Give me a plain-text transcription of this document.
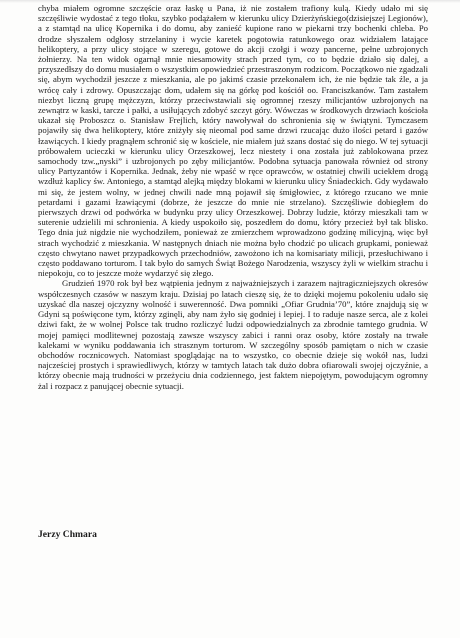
chyba miałem ogromne szczęście oraz łaskę u Pana, iż nie zostałem trafiony kulą. Kiedy udało mi się szczęśliwie wydostać z tego tłoku, szybko podążałem w kierunku ulicy Dzierżyńskiego(dzisiejszej Legionów), a z stamtąd na ulicę Kopernika i do domu, aby zanieść kupione rano w piekarni trzy bochenki chleba. Po drodze słyszałem odgłosy strzelaniny i wycie karetek pogotowia ratunkowego oraz widziałem latające helikoptery, a przy ulicy stojące w szeregu, gotowe do akcji czołgi i wozy pancerne, pełne uzbrojonych żołnierzy. Na ten widok ogarnął mnie niesamowity strach przed tym, co to będzie działo się dalej, a przyszedłszy do domu musiałem o wszystkim opowiedzieć przestraszonym rodzicom. Początkowo nie zgadzali się, abym wychodził jeszcze z mieszkania, ale po jakimś czasie przekonałem ich, że nie będzie tak źle, a ja wrócę cały i zdrowy. Opuszczając dom, udałem się na górkę pod kościół oo. Franciszkanów. Tam zastałem niezbyt liczną grupę mężczyzn, którzy przeciwstawiali się ogromnej rzeszy milicjantów uzbrojonych na zewnątrz w kaski, tarcze i pałki, a usiłujących zdobyć szczyt góry. Wówczas w środkowych drzwiach kościoła ukazał się Proboszcz o. Stanisław Frejlich, który nawoływał do schronienia się w świątyni. Tymczasem pojawiły się dwa helikoptery, które zniżyły się nieomal pod same drzwi rzucając dużo ilości petard i gazów łzawiących. I kiedy pragnąłem schronić się w kościele, nie miałem już szans dostać się do niego. W tej sytuacji próbowałem ucieczki w kierunku ulicy Orzeszkowej, lecz niestety i ona została już zablokowana przez samochody tzw.„nyski” i uzbrojonych po zęby milicjantów. Podobna sytuacja panowała również od strony ulicy Partyzantów i Kopernika. Jednak, żeby nie wpaść w ręce oprawców, w ostatniej chwili uciekłem drogą wzdłuż kaplicy św. Antoniego, a stamtąd alejką między blokami w kierunku ulicy Śniadeckich. Gdy wydawało mi się, że jestem wolny, w jednej chwili nade mną pojawił się śmigłowiec, z którego rzucano we mnie petardami i gazami łzawiącymi (dobrze, że jeszcze do mnie nie strzelano). Szczęśliwie dobiegłem do pierwszych drzwi od podwórka w budynku przy ulicy Orzeszkowej. Dobrzy ludzie, którzy mieszkali tam w suterenie udzielili mi schronienia. A kiedy uspokoiło się, poszedłem do domu, który przecież był tak blisko. Tego dnia już nigdzie nie wychodziłem, ponieważ ze zmierzchem wprowadzono godzinę milicyjną, więc był strach wychodzić z mieszkania. W następnych dniach nie można było chodzić po ulicach grupkami, ponieważ często chwytano nawet przypadkowych przechodniów, zawożono ich na komisariaty milicji, przesłuchiwano i często poddawano torturom. I tak było do samych Świąt Bożego Narodzenia, wszyscy żyli w wielkim strachu i niepokoju, co to jeszcze może wydarzyć się złego.

Grudzień 1970 rok był bez wątpienia jednym z najważniejszych i zarazem najtragiczniejszych okresów współczesnych czasów w naszym kraju. Dzisiaj po latach cieszę się, że to dzięki mojemu pokoleniu udało się uzyskać dla naszej ojczyzny wolność i suwerenność. Dwa pomniki „Ofiar Grudnia’70”, które znajdują się w Gdyni są poświęcone tym, którzy zginęli, aby nam żyło się godniej i lepiej. I to raduje nasze serca, ale z kolei dziwi fakt, że w wolnej Polsce tak trudno rozliczyć ludzi odpowiedzialnych za zbrodnie tamtego grudnia. W mojej pamięci modlitewnej pozostają zawsze wszyscy zabici i ranni oraz osoby, które zostały na trwałe kalekami w wyniku poddawania ich strasznym torturom. W szczególny sposób pamiętam o nich w czasie obchodów rocznicowych. Natomiast spoglądając na to wszystko, co obecnie dzieje się wokół nas, ludzi najcześciej prostych i sprawiedliwych, którzy w tamtych latach tak dużo dobra ofiarowali swojej ojczyźnie, a którzy obecnie mają trudności w przeżyciu dnia codziennego, jest faktem niepojętym, powodującym ogromny żal i rozpacz z panującej obecnie sytuacji.

Jerzy Chmara
